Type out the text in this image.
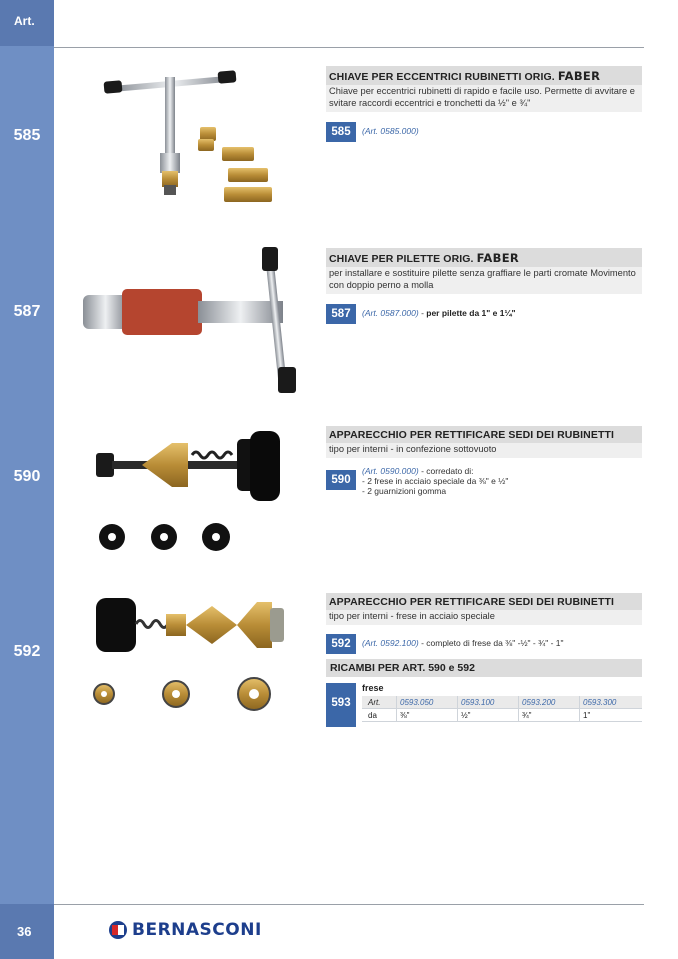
Art.
585
587
590
592
36
CHIAVE PER ECCENTRICI RUBINETTI ORIG. FABER
Chiave per eccentrici rubinetti di rapido e facile uso. Permette di avvitare e svitare raccordi eccentrici e tronchetti da ½" e ¾"
585	(Art. 0585.000)
CHIAVE PER PILETTE ORIG. FABER
per installare e sostituire pilette senza graffiare le parti cromate Movimento con doppio perno a molla
587	(Art. 0587.000) - per pilette da 1" e 1¼"
APPARECCHIO PER RETTIFICARE SEDI DEI RUBINETTI
tipo per interni - in confezione sottovuoto
590
(Art. 0590.000) - corredato di:
- 2 frese in acciaio speciale da ⅜" e ½"
- 2 guarnizioni gomma
APPARECCHIO PER RETTIFICARE SEDI DEI RUBINETTI
tipo per interni - frese in acciaio speciale
592	(Art. 0592.100) - completo di frese da ⅜" -½" - ¾" - 1"
RICAMBI PER ART. 590 e 592
593
frese
Art.	0593.050	0593.100	0593.200	0593.300
da	⅜"	½"	¾"	1"
BERNASCONI
